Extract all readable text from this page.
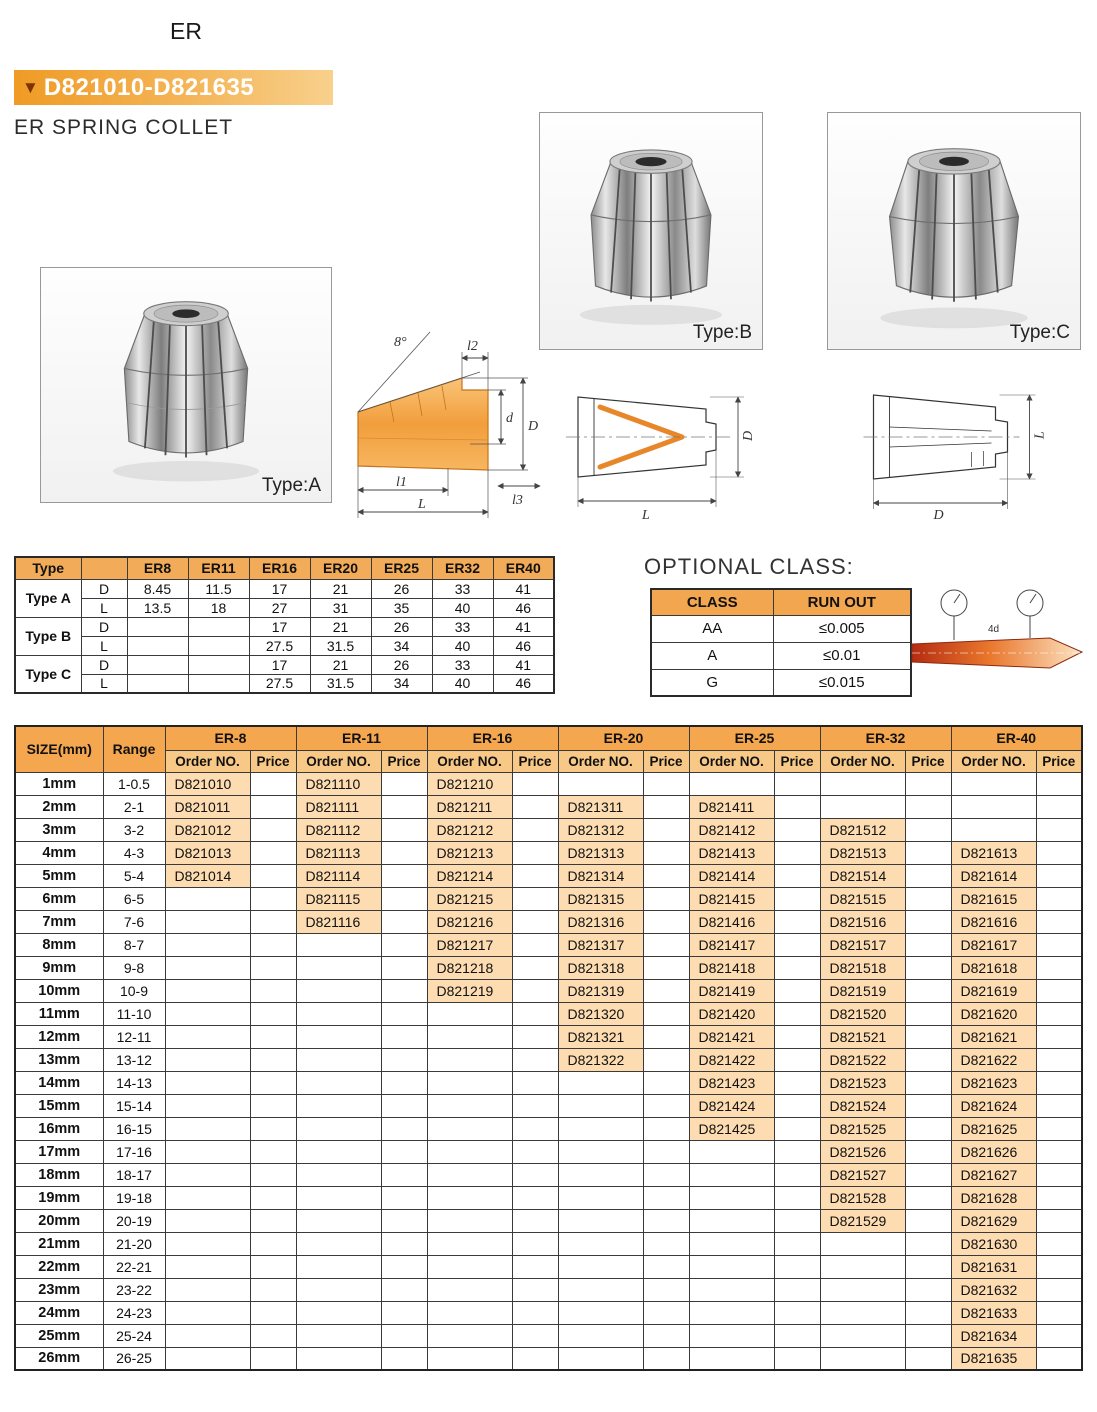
ER
▼ D821010-D821635
ER SPRING COLLET
Type:A
Type:B	Type:C
8°	l2
d
D
l1
L	l3
D
L
L
D
Type		ER8	ER11	ER16	ER20	ER25	ER32	ER40
Type A	D	8.45	11.5	17	21	26	33	41
	L	13.5	18	27	31	35	40	46
Type B	D			17	21	26	33	41
	L			27.5	31.5	34	40	46
Type C	D			17	21	26	33	41
	L			27.5	31.5	34	40	46
OPTIONAL CLASS:
CLASS	RUN OUT
AA	≤0.005
A	≤0.01
G	≤0.015
4d
SIZE(mm)	Range	ER-8		ER-11		ER-16		ER-20		ER-25		ER-32		ER-40	
		Order NO.	Price	Order NO.	Price	Order NO.	Price	Order NO.	Price	Order NO.	Price	Order NO.	Price	Order NO.	Price
1mm	1-0.5	D821010		D821110		D821210									
2mm	2-1	D821011		D821111		D821211		D821311		D821411					
3mm	3-2	D821012		D821112		D821212		D821312		D821412		D821512			
4mm	4-3	D821013		D821113		D821213		D821313		D821413		D821513		D821613	
5mm	5-4	D821014		D821114		D821214		D821314		D821414		D821514		D821614	
6mm	6-5			D821115		D821215		D821315		D821415		D821515		D821615	
7mm	7-6			D821116		D821216		D821316		D821416		D821516		D821616	
8mm	8-7					D821217		D821317		D821417		D821517		D821617	
9mm	9-8					D821218		D821318		D821418		D821518		D821618	
10mm	10-9					D821219		D821319		D821419		D821519		D821619	
11mm	11-10							D821320		D821420		D821520		D821620	
12mm	12-11							D821321		D821421		D821521		D821621	
13mm	13-12							D821322		D821422		D821522		D821622	
14mm	14-13									D821423		D821523		D821623	
15mm	15-14									D821424		D821524		D821624	
16mm	16-15									D821425		D821525		D821625	
17mm	17-16											D821526		D821626	
18mm	18-17											D821527		D821627	
19mm	19-18											D821528		D821628	
20mm	20-19											D821529		D821629	
21mm	21-20													D821630	
22mm	22-21													D821631	
23mm	23-22													D821632	
24mm	24-23													D821633	
25mm	25-24													D821634	
26mm	26-25													D821635	
